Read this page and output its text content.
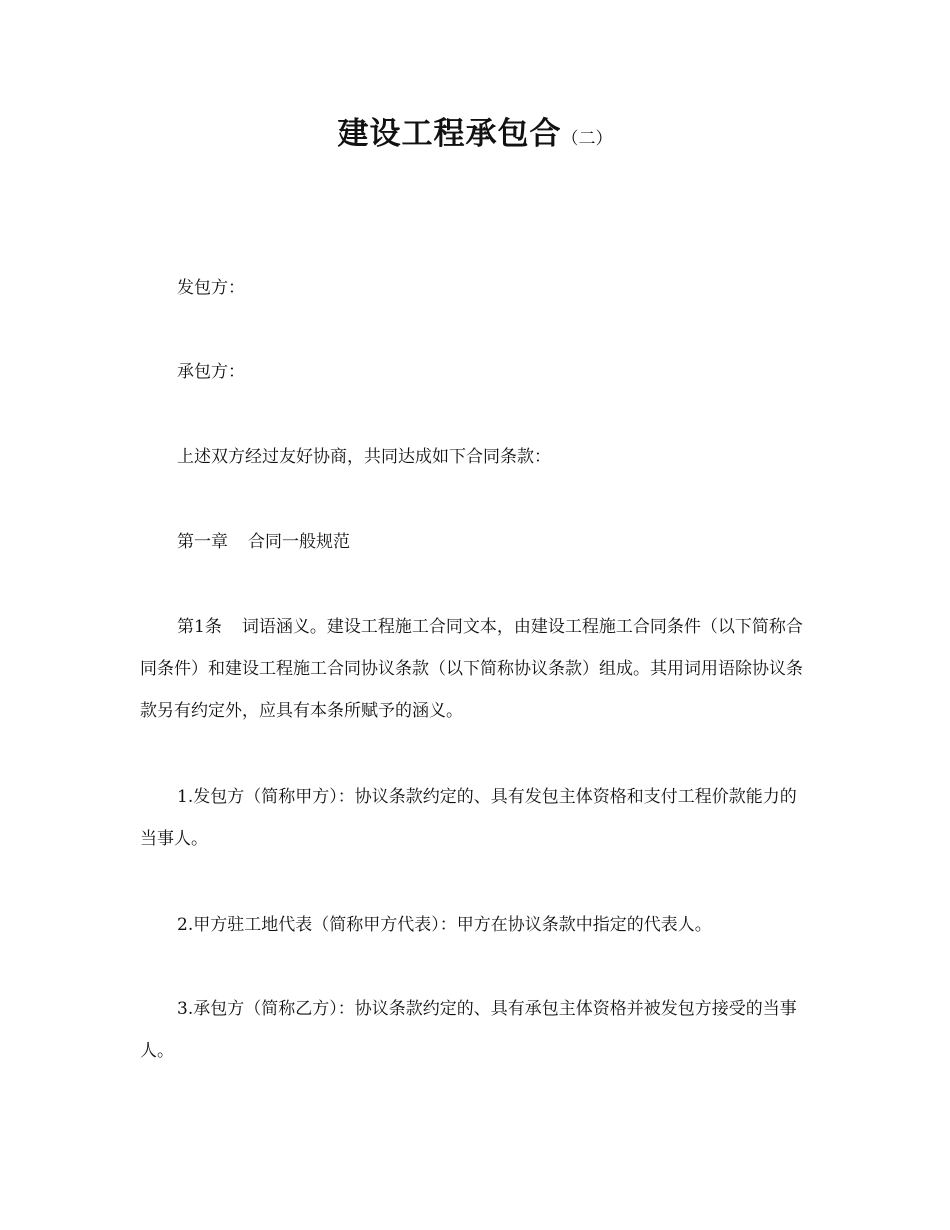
建设工程承包合（二）

发包方：

承包方：

上述双方经过友好协商，共同达成如下合同条款：

第一章 合同一般规范

第1条 词语涵义。建设工程施工合同文本，由建设工程施工合同条件（以下简称合同条件）和建设工程施工合同协议条款（以下简称协议条款）组成。其用词用语除协议条款另有约定外，应具有本条所赋予的涵义。

1.发包方（简称甲方）：协议条款约定的、具有发包主体资格和支付工程价款能力的当事人。

2.甲方驻工地代表（简称甲方代表）：甲方在协议条款中指定的代表人。

3.承包方（简称乙方）：协议条款约定的、具有承包主体资格并被发包方接受的当事人。
